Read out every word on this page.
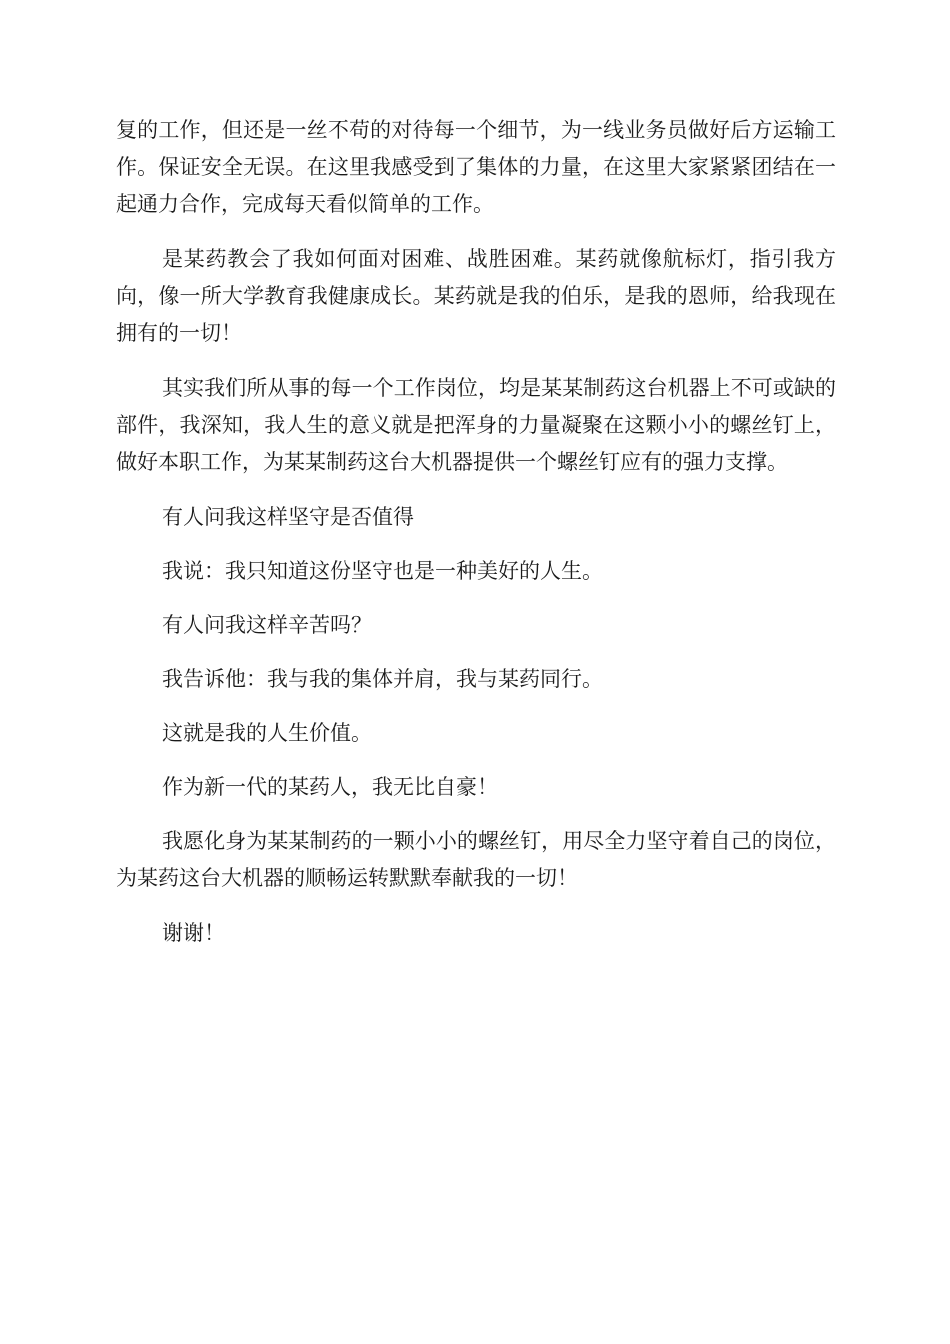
复的工作，但还是一丝不苟的对待每一个细节，为一线业务员做好后方运输工作。保证安全无误。在这里我感受到了集体的力量，在这里大家紧紧团结在一起通力合作，完成每天看似简单的工作。

是某药教会了我如何面对困难、战胜困难。某药就像航标灯，指引我方向，像一所大学教育我健康成长。某药就是我的伯乐，是我的恩师，给我现在拥有的一切！

其实我们所从事的每一个工作岗位，均是某某制药这台机器上不可或缺的部件，我深知，我人生的意义就是把浑身的力量凝聚在这颗小小的螺丝钉上，做好本职工作，为某某制药这台大机器提供一个螺丝钉应有的强力支撑。

有人问我这样坚守是否值得

我说：我只知道这份坚守也是一种美好的人生。

有人问我这样辛苦吗？

我告诉他：我与我的集体并肩，我与某药同行。

这就是我的人生价值。

作为新一代的某药人，我无比自豪！

我愿化身为某某制药的一颗小小的螺丝钉，用尽全力坚守着自己的岗位，为某药这台大机器的顺畅运转默默奉献我的一切！

谢谢！
